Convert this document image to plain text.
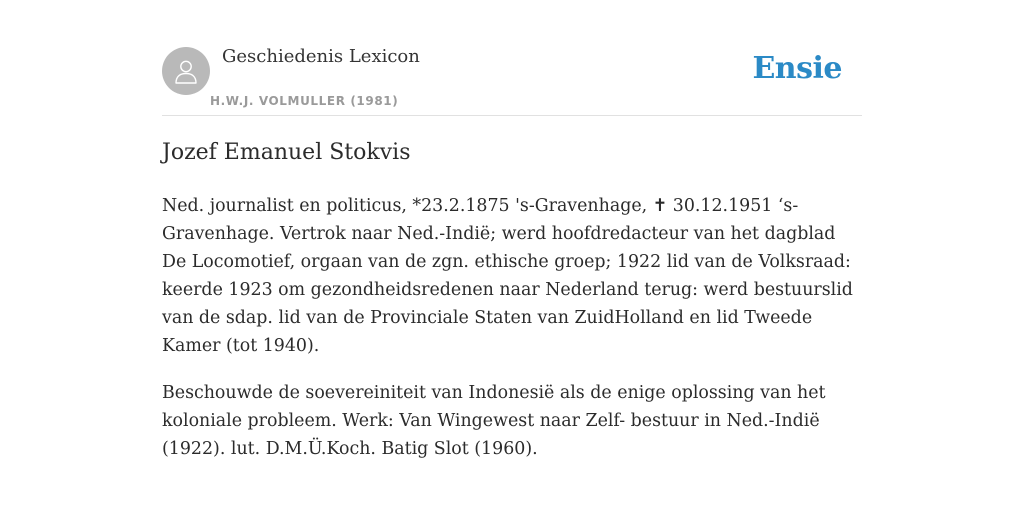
Geschiedenis Lexicon
H.W.J. VOLMULLER (1981)
Ensie
Jozef Emanuel Stokvis

Ned. journalist en politicus, *23.2.1875 's-Gravenhage, ✝ 30.12.1951 ‘s-Gravenhage. Vertrok naar Ned.-Indië; werd hoofdredacteur van het dagblad De Locomotief, orgaan van de zgn. ethische groep; 1922 lid van de Volksraad: keerde 1923 om gezondheidsredenen naar Nederland terug: werd bestuurslid van de sdap. lid van de Provinciale Staten van ZuidHolland en lid Tweede Kamer (tot 1940).

Beschouwde de soevereiniteit van Indonesië als de enige oplossing van het koloniale probleem. Werk: Van Wingewest naar Zelf- bestuur in Ned.-Indië (1922). lut. D.M.Ü.Koch. Batig Slot (1960).
